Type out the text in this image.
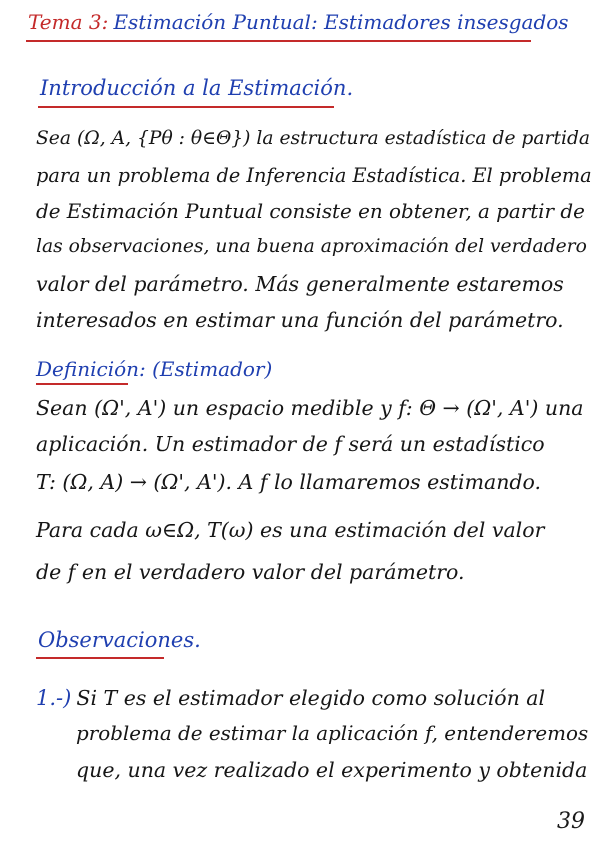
Tema 3: Estimación Puntual: Estimadores insesgados
Introducción a la Estimación.
Sea (Ω, A, {Pθ : θ∈Θ}) la estructura estadística de partida
para un problema de Inferencia Estadística. El problema
de Estimación Puntual consiste en obtener, a partir de
las observaciones, una buena aproximación del verdadero
valor del parámetro. Más generalmente estaremos
interesados en estimar una función del parámetro.
Definición: (Estimador)
Sean (Ω', A') un espacio medible y f: Θ → (Ω', A') una
aplicación. Un estimador de f será un estadístico
T: (Ω, A) → (Ω', A'). A f lo llamaremos estimando.
Para cada ω∈Ω, T(ω) es una estimación del valor
de f en el verdadero valor del parámetro.
Observaciones.
1.-) Si T es el estimador elegido como solución al
problema de estimar la aplicación f, entenderemos
que, una vez realizado el experimento y obtenida
39
